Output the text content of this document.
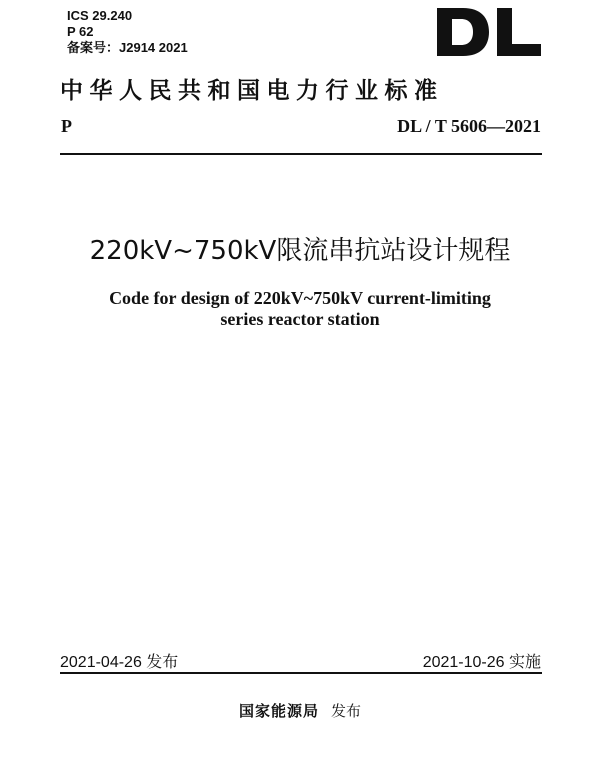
ICS 29.240
P 62
备案号：J2914 2021
中华人民共和国电力行业标准
P	DL / T 5606—2021
220kV~750kV限流串抗站设计规程
Code for design of 220kV~750kV current-limiting
series reactor station
2021-04-26 发布	2021-10-26 实施
国家能源局 发布
